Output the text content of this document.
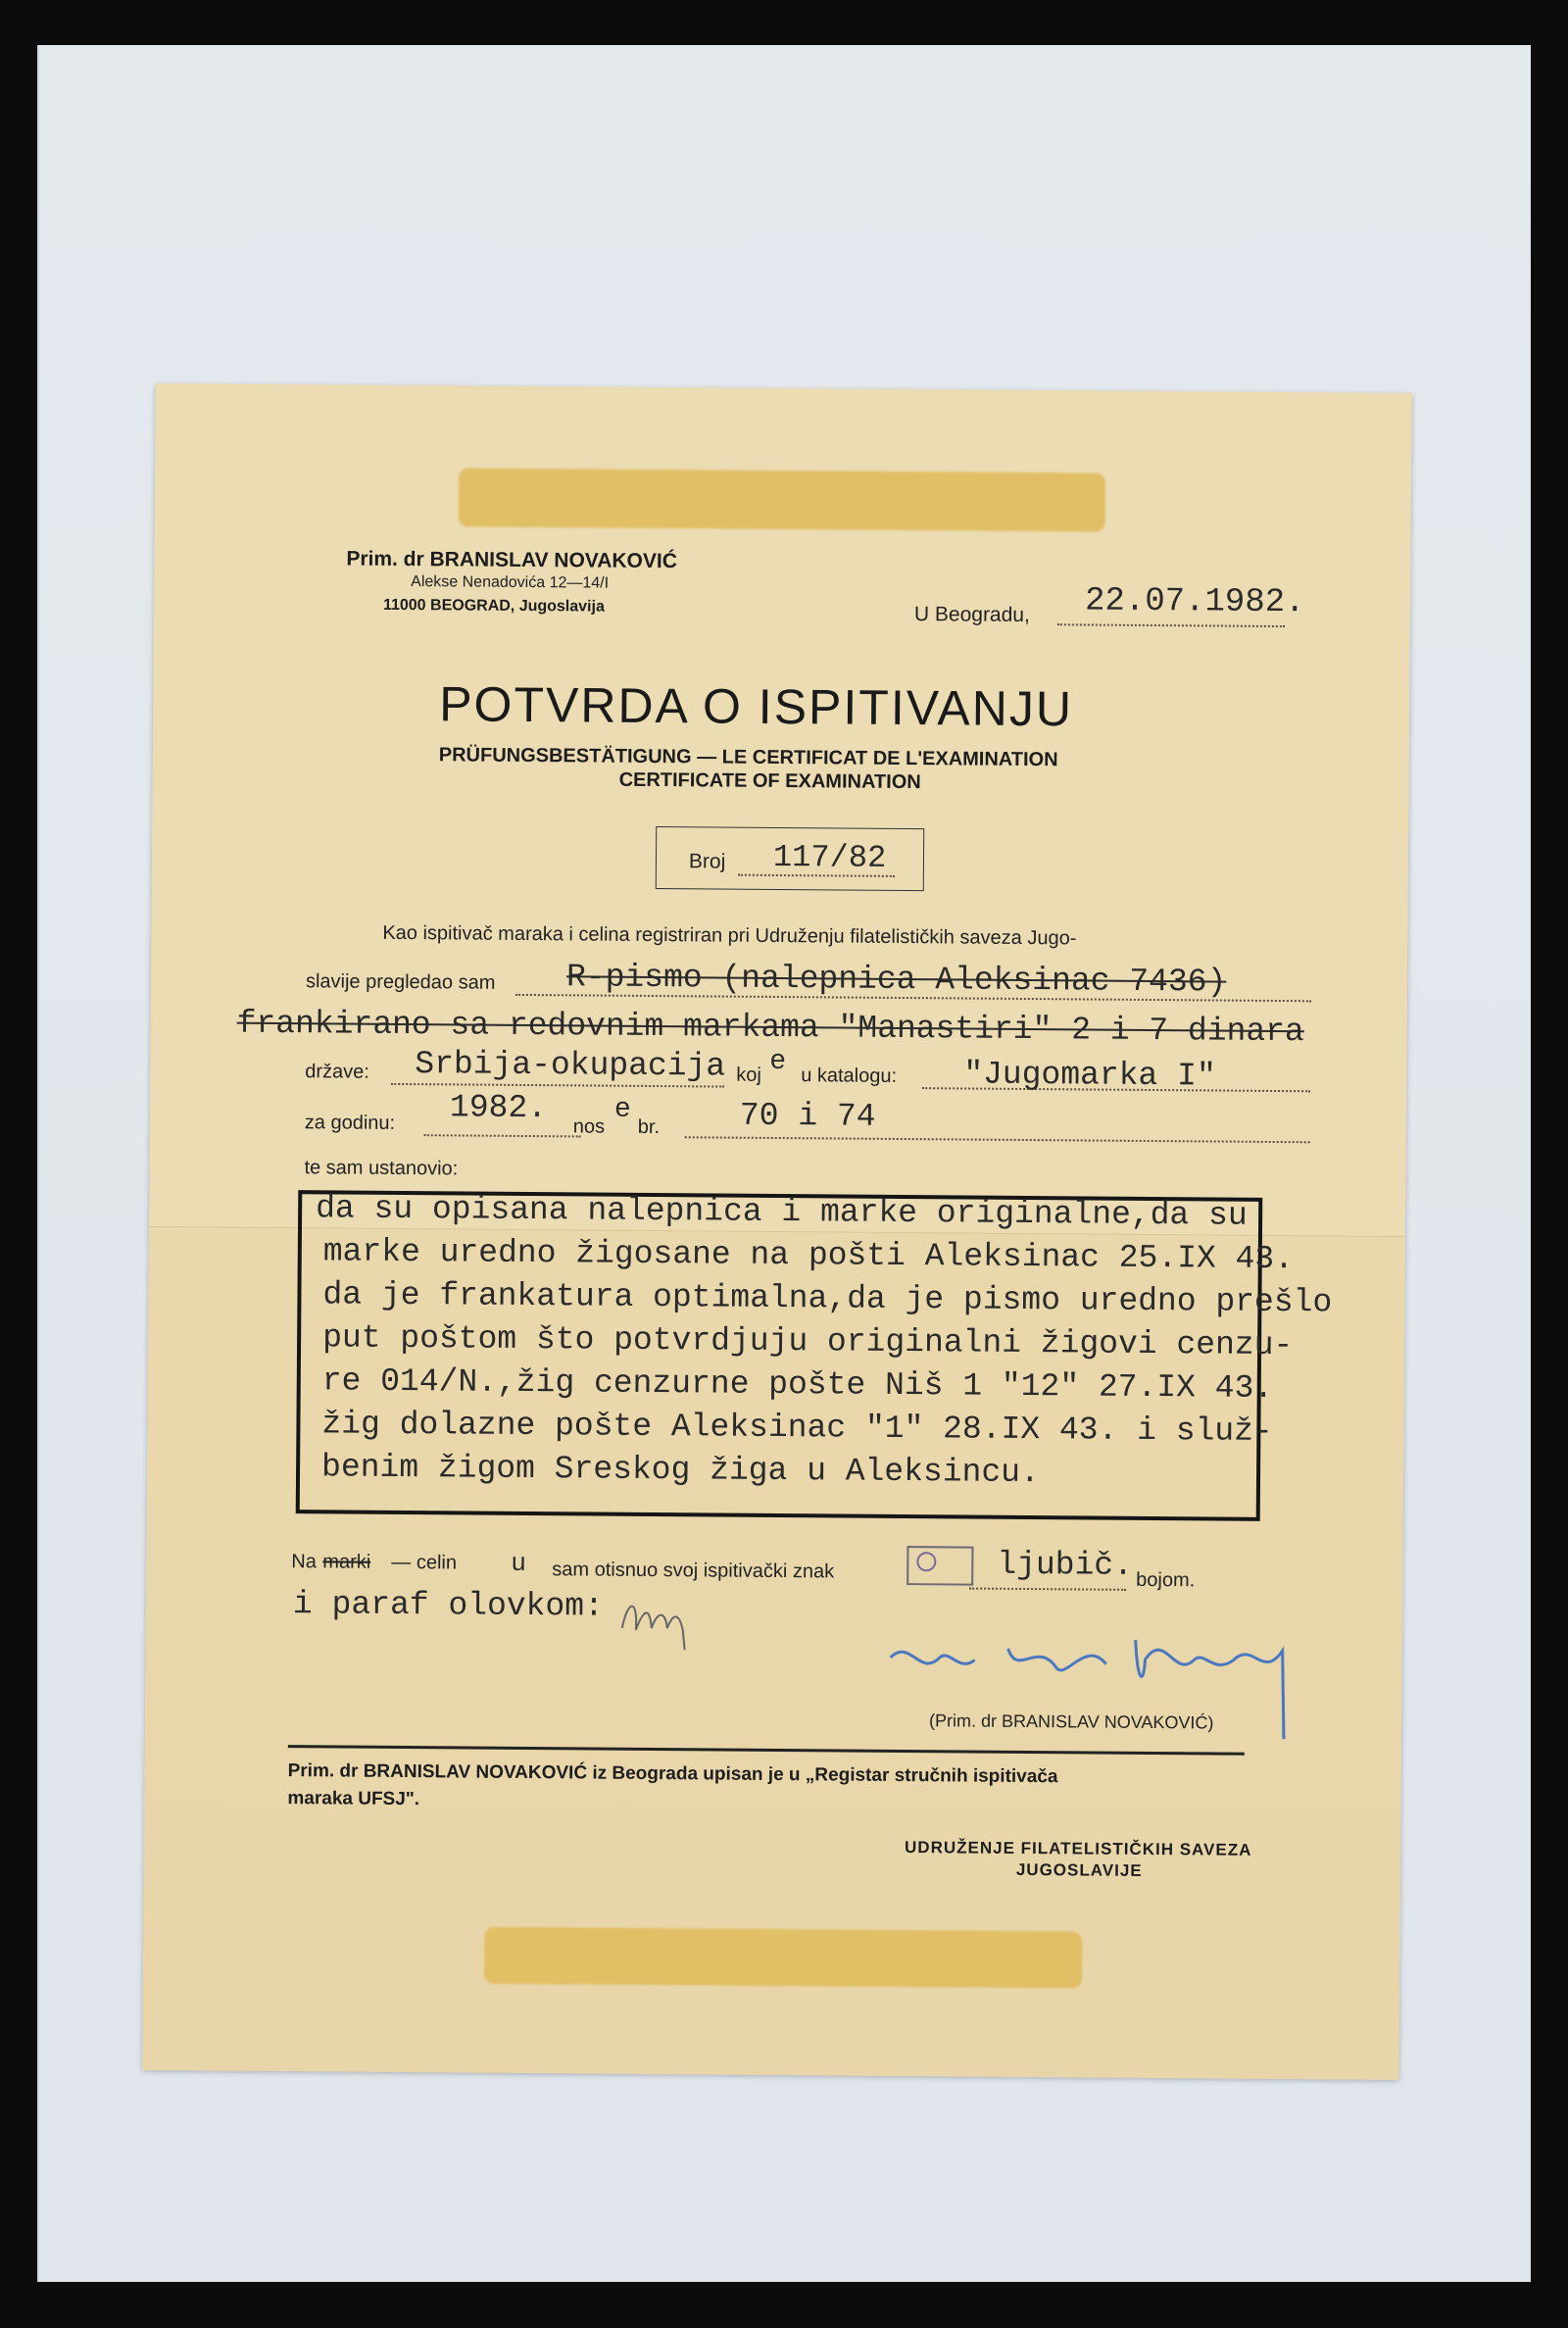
Prim. dr BRANISLAV NOVAKOVIĆ
Alekse Nenadovića 12—14/I
11000 BEOGRAD, Jugoslavija	U Beogradu, 22.07.1982.
POTVRDA O ISPITIVANJU
PRÜFUNGSBESTÄTIGUNG — LE CERTIFICAT DE L'EXAMINATION
CERTIFICATE OF EXAMINATION
Broj 117/82
Kao ispitivač maraka i celina registriran pri Udruženju filatelističkih saveza Jugo-
slavije pregledao sam R-pismo (nalepnica Aleksinac 7436)
frankirano sa redovnim markama "Manastiri" 2 i 7 dinara
države: Srbija-okupacija koj e u katalogu: "Jugomarka I"
za godinu: 1982.
nos
e
br. 70 i 74
te sam ustanovio:
da su opisana nalepnica i marke originalne,da su
marke uredno žigosane na pošti Aleksinac 25.IX 43.
da je frankatura optimalna,da je pismo uredno prešlo
put poštom što potvrdjuju originalni žigovi cenzu-
re 014/N.,žig cenzurne pošte Niš 1 "12" 27.IX 43.
žig dolazne pošte Aleksinac "1" 28.IX 43. i služ-
benim žigom Sreskog žiga u Aleksincu.
Na marki — celin u sam otisnuo svoj ispitivački znak	ljubič. bojom.
i paraf olovkom:
(Prim. dr BRANISLAV NOVAKOVIĆ)
Prim. dr BRANISLAV NOVAKOVIĆ iz Beograda upisan je u „Registar stručnih ispitivača
maraka UFSJ".
UDRUŽENJE FILATELISTIČKIH SAVEZA
JUGOSLAVIJE
